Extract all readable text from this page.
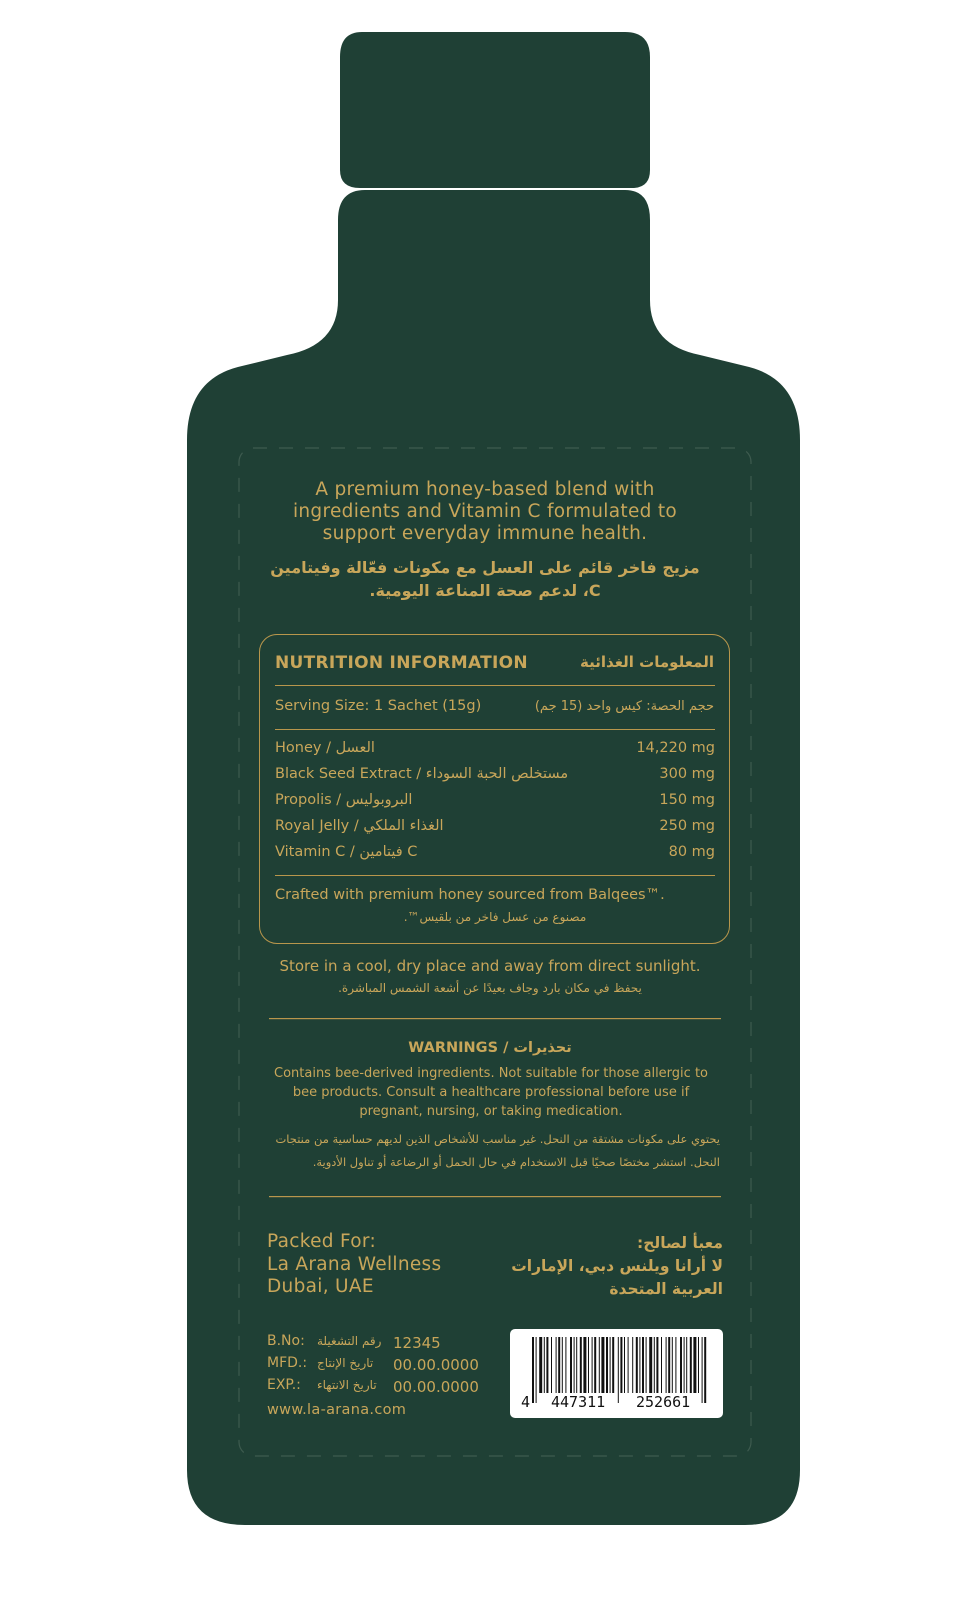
A premium honey-based blend with ingredients and Vitamin C formulated to support everyday immune health.
مزيج فاخر قائم على العسل مع مكونات فعّالة وفيتامين C، لدعم صحة المناعة اليومية.
NUTRITION INFORMATION	المعلومات الغذائية
Serving Size: 1 Sachet (15g)	حجم الحصة: كيس واحد (15 جم)
Honey / العسل	14,220 mg
Black Seed Extract / مستخلص الحبة السوداء	300 mg
Propolis / البروبوليس	150 mg
Royal Jelly / الغذاء الملكي	250 mg
Vitamin C / فيتامين C	80 mg
Crafted with premium honey sourced from Balqees™.
مصنوع من عسل فاخر من بلقيس™.
Store in a cool, dry place and away from direct sunlight.
يحفظ في مكان بارد وجاف بعيدًا عن أشعة الشمس المباشرة.
WARNINGS / تحذيرات
Contains bee-derived ingredients. Not suitable for those allergic to bee products. Consult a healthcare professional before use if pregnant, nursing, or taking medication.
يحتوي على مكونات مشتقة من النحل. غير مناسب للأشخاص الذين لديهم حساسية من منتجات النحل. استشر مختصًا صحيًا قبل الاستخدام في حال الحمل أو الرضاعة أو تناول الأدوية.
Packed For:
La Arana Wellness
Dubai, UAE
معبأ لصالح:
لا أرانا ويلنس دبي، الإمارات العربية المتحدة
B.No: رقم التشغيلة 12345
MFD.: تاريخ الإنتاج 00.00.0000
EXP.: تاريخ الانتهاء 00.00.0000
www.la-arana.com	4 447311 252661
